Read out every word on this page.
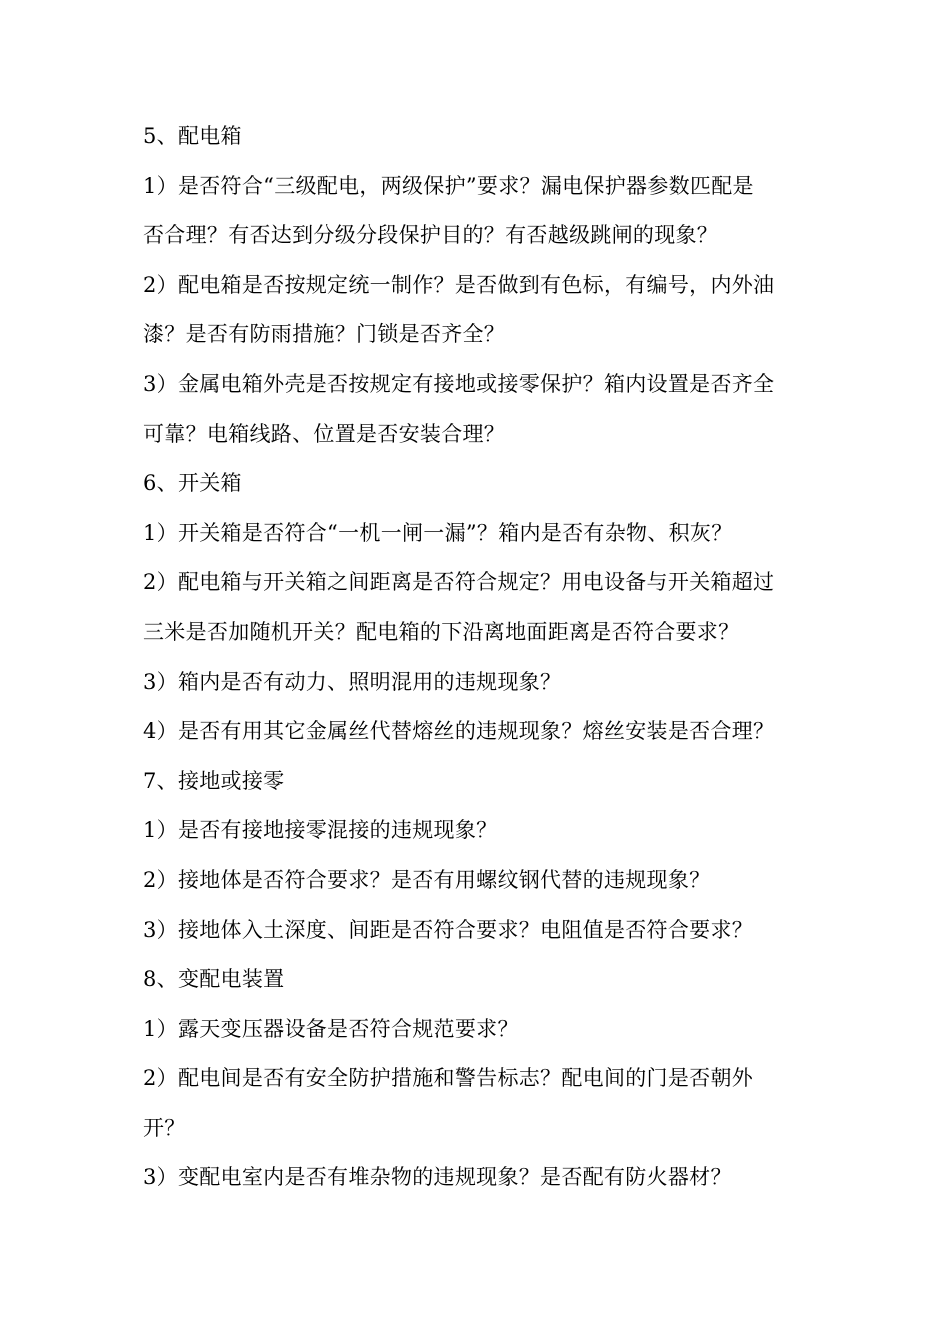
5、配电箱
1）是否符合“三级配电，两级保护”要求？漏电保护器参数匹配是
否合理？有否达到分级分段保护目的？有否越级跳闸的现象？
2）配电箱是否按规定统一制作？是否做到有色标，有编号，内外油
漆？是否有防雨措施？门锁是否齐全？
3）金属电箱外壳是否按规定有接地或接零保护？箱内设置是否齐全
可靠？电箱线路、位置是否安装合理？
6、开关箱
1）开关箱是否符合“一机一闸一漏”？箱内是否有杂物、积灰？
2）配电箱与开关箱之间距离是否符合规定？用电设备与开关箱超过
三米是否加随机开关？配电箱的下沿离地面距离是否符合要求？
3）箱内是否有动力、照明混用的违规现象？
4）是否有用其它金属丝代替熔丝的违规现象？熔丝安装是否合理？
7、接地或接零
1）是否有接地接零混接的违规现象？
2）接地体是否符合要求？是否有用螺纹钢代替的违规现象？
3）接地体入土深度、间距是否符合要求？电阻值是否符合要求？
8、变配电装置
1）露天变压器设备是否符合规范要求？
2）配电间是否有安全防护措施和警告标志？配电间的门是否朝外
开？
3）变配电室内是否有堆杂物的违规现象？是否配有防火器材？
